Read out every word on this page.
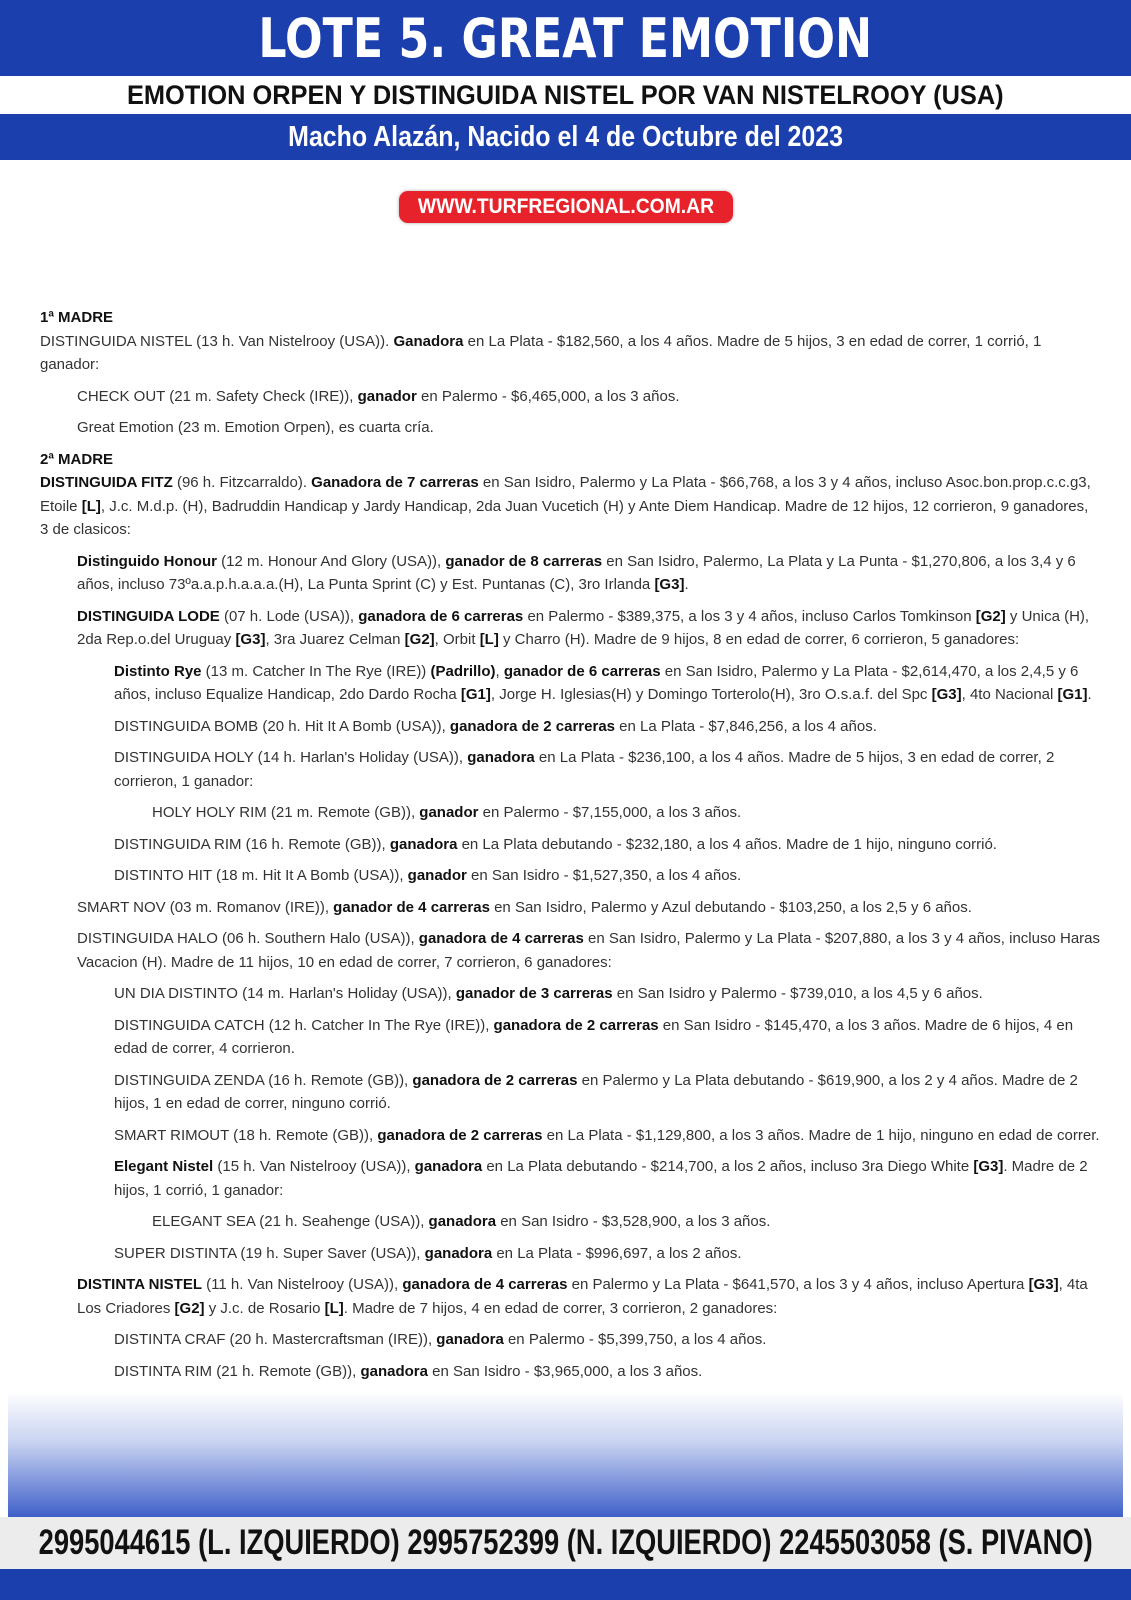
LOTE 5. GREAT EMOTION
EMOTION ORPEN Y DISTINGUIDA NISTEL POR VAN NISTELROOY (USA)
Macho Alazán, Nacido el 4 de Octubre del 2023
WWW.TURFREGIONAL.COM.AR
1ª MADRE
DISTINGUIDA NISTEL (13 h. Van Nistelrooy (USA)). Ganadora en La Plata - $182,560, a los 4 años. Madre de 5 hijos, 3 en edad de correr, 1 corrió, 1 ganador:
CHECK OUT (21 m. Safety Check (IRE)), ganador en Palermo - $6,465,000, a los 3 años.
Great Emotion (23 m. Emotion Orpen), es cuarta cría.
2ª MADRE
DISTINGUIDA FITZ (96 h. Fitzcarraldo). Ganadora de 7 carreras en San Isidro, Palermo y La Plata - $66,768, a los 3 y 4 años, incluso Asoc.bon.prop.c.c.g3, Etoile [L], J.c. M.d.p. (H), Badruddin Handicap y Jardy Handicap, 2da Juan Vucetich (H) y Ante Diem Handicap. Madre de 12 hijos, 12 corrieron, 9 ganadores, 3 de clasicos:
Distinguido Honour (12 m. Honour And Glory (USA)), ganador de 8 carreras en San Isidro, Palermo, La Plata y La Punta - $1,270,806, a los 3,4 y 6 años, incluso 73ºa.a.p.h.a.a.a.(H), La Punta Sprint (C) y Est. Puntanas (C), 3ro Irlanda [G3].
DISTINGUIDA LODE (07 h. Lode (USA)), ganadora de 6 carreras en Palermo - $389,375, a los 3 y 4 años, incluso Carlos Tomkinson [G2] y Unica (H), 2da Rep.o.del Uruguay [G3], 3ra Juarez Celman [G2], Orbit [L] y Charro (H). Madre de 9 hijos, 8 en edad de correr, 6 corrieron, 5 ganadores:
Distinto Rye (13 m. Catcher In The Rye (IRE)) (Padrillo), ganador de 6 carreras en San Isidro, Palermo y La Plata - $2,614,470, a los 2,4,5 y 6 años, incluso Equalize Handicap, 2do Dardo Rocha [G1], Jorge H. Iglesias(H) y Domingo Torterolo(H), 3ro O.s.a.f. del Spc [G3], 4to Nacional [G1].
DISTINGUIDA BOMB (20 h. Hit It A Bomb (USA)), ganadora de 2 carreras en La Plata - $7,846,256, a los 4 años.
DISTINGUIDA HOLY (14 h. Harlan's Holiday (USA)), ganadora en La Plata - $236,100, a los 4 años. Madre de 5 hijos, 3 en edad de correr, 2 corrieron, 1 ganador:
HOLY HOLY RIM (21 m. Remote (GB)), ganador en Palermo - $7,155,000, a los 3 años.
DISTINGUIDA RIM (16 h. Remote (GB)), ganadora en La Plata debutando - $232,180, a los 4 años. Madre de 1 hijo, ninguno corrió.
DISTINTO HIT (18 m. Hit It A Bomb (USA)), ganador en San Isidro - $1,527,350, a los 4 años.
SMART NOV (03 m. Romanov (IRE)), ganador de 4 carreras en San Isidro, Palermo y Azul debutando - $103,250, a los 2,5 y 6 años.
DISTINGUIDA HALO (06 h. Southern Halo (USA)), ganadora de 4 carreras en San Isidro, Palermo y La Plata - $207,880, a los 3 y 4 años, incluso Haras Vacacion (H). Madre de 11 hijos, 10 en edad de correr, 7 corrieron, 6 ganadores:
UN DIA DISTINTO (14 m. Harlan's Holiday (USA)), ganador de 3 carreras en San Isidro y Palermo - $739,010, a los 4,5 y 6 años.
DISTINGUIDA CATCH (12 h. Catcher In The Rye (IRE)), ganadora de 2 carreras en San Isidro - $145,470, a los 3 años. Madre de 6 hijos, 4 en edad de correr, 4 corrieron.
DISTINGUIDA ZENDA (16 h. Remote (GB)), ganadora de 2 carreras en Palermo y La Plata debutando - $619,900, a los 2 y 4 años. Madre de 2 hijos, 1 en edad de correr, ninguno corrió.
SMART RIMOUT (18 h. Remote (GB)), ganadora de 2 carreras en La Plata - $1,129,800, a los 3 años. Madre de 1 hijo, ninguno en edad de correr.
Elegant Nistel (15 h. Van Nistelrooy (USA)), ganadora en La Plata debutando - $214,700, a los 2 años, incluso 3ra Diego White [G3]. Madre de 2 hijos, 1 corrió, 1 ganador:
ELEGANT SEA (21 h. Seahenge (USA)), ganadora en San Isidro - $3,528,900, a los 3 años.
SUPER DISTINTA (19 h. Super Saver (USA)), ganadora en La Plata - $996,697, a los 2 años.
DISTINTA NISTEL (11 h. Van Nistelrooy (USA)), ganadora de 4 carreras en Palermo y La Plata - $641,570, a los 3 y 4 años, incluso Apertura [G3], 4ta Los Criadores [G2] y J.c. de Rosario [L]. Madre de 7 hijos, 4 en edad de correr, 3 corrieron, 2 ganadores:
DISTINTA CRAF (20 h. Mastercraftsman (IRE)), ganadora en Palermo - $5,399,750, a los 4 años.
DISTINTA RIM (21 h. Remote (GB)), ganadora en San Isidro - $3,965,000, a los 3 años.
2995044615 (L. IZQUIERDO) 2995752399 (N. IZQUIERDO) 2245503058 (S. PIVANO)
